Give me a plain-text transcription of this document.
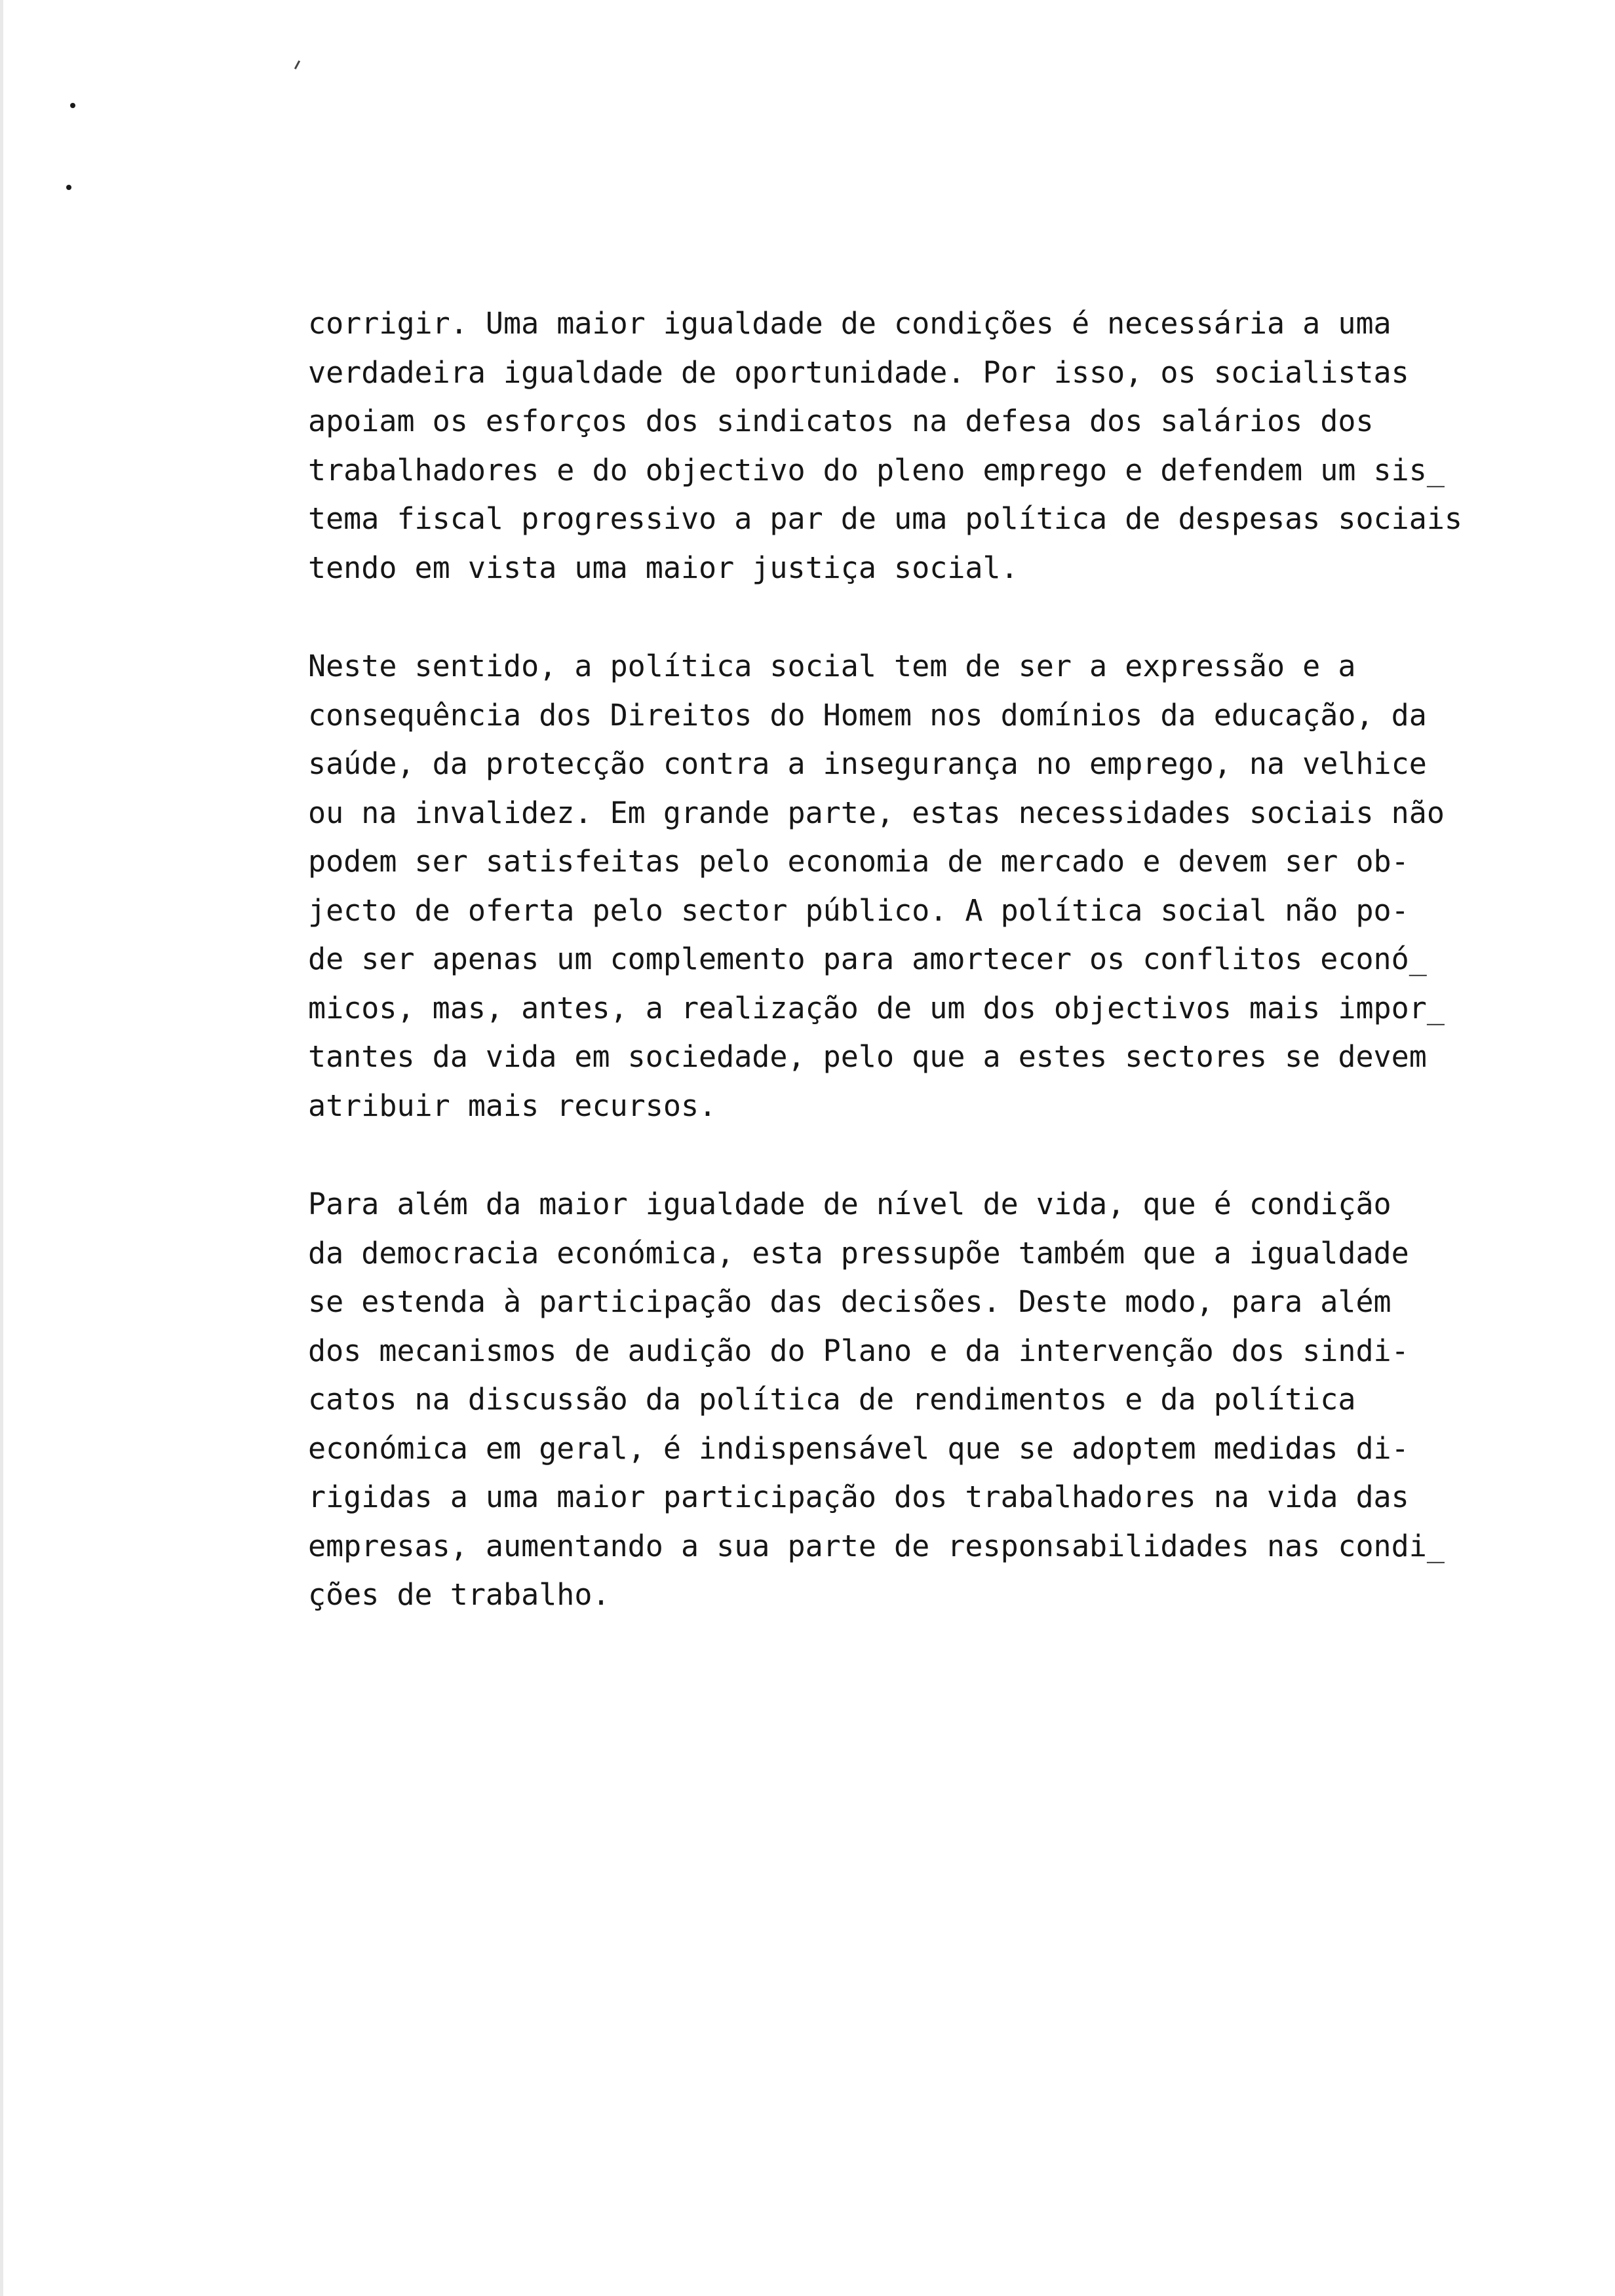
corrigir. Uma maior igualdade de condições é necessária a uma
verdadeira igualdade de oportunidade. Por isso, os socialistas
apoiam os esforços dos sindicatos na defesa dos salários dos
trabalhadores e do objectivo do pleno emprego e defendem um sis_
tema fiscal progressivo a par de uma política de despesas sociais
tendo em vista uma maior justiça social.
Neste sentido, a política social tem de ser a expressão e a
consequência dos Direitos do Homem nos domínios da educação, da
saúde, da protecção contra a insegurança no emprego, na velhice
ou na invalidez. Em grande parte, estas necessidades sociais não
podem ser satisfeitas pelo economia de mercado e devem ser ob-
jecto de oferta pelo sector público. A política social não po-
de ser apenas um complemento para amortecer os conflitos econó_
micos, mas, antes, a realização de um dos objectivos mais impor_
tantes da vida em sociedade, pelo que a estes sectores se devem
atribuir mais recursos.
Para além da maior igualdade de nível de vida, que é condição
da democracia económica, esta pressupõe também que a igualdade
se estenda à participação das decisões. Deste modo, para além
dos mecanismos de audição do Plano e da intervenção dos sindi-
catos na discussão da política de rendimentos e da política
económica em geral, é indispensável que se adoptem medidas di-
rigidas a uma maior participação dos trabalhadores na vida das
empresas, aumentando a sua parte de responsabilidades nas condi_
ções de trabalho.
